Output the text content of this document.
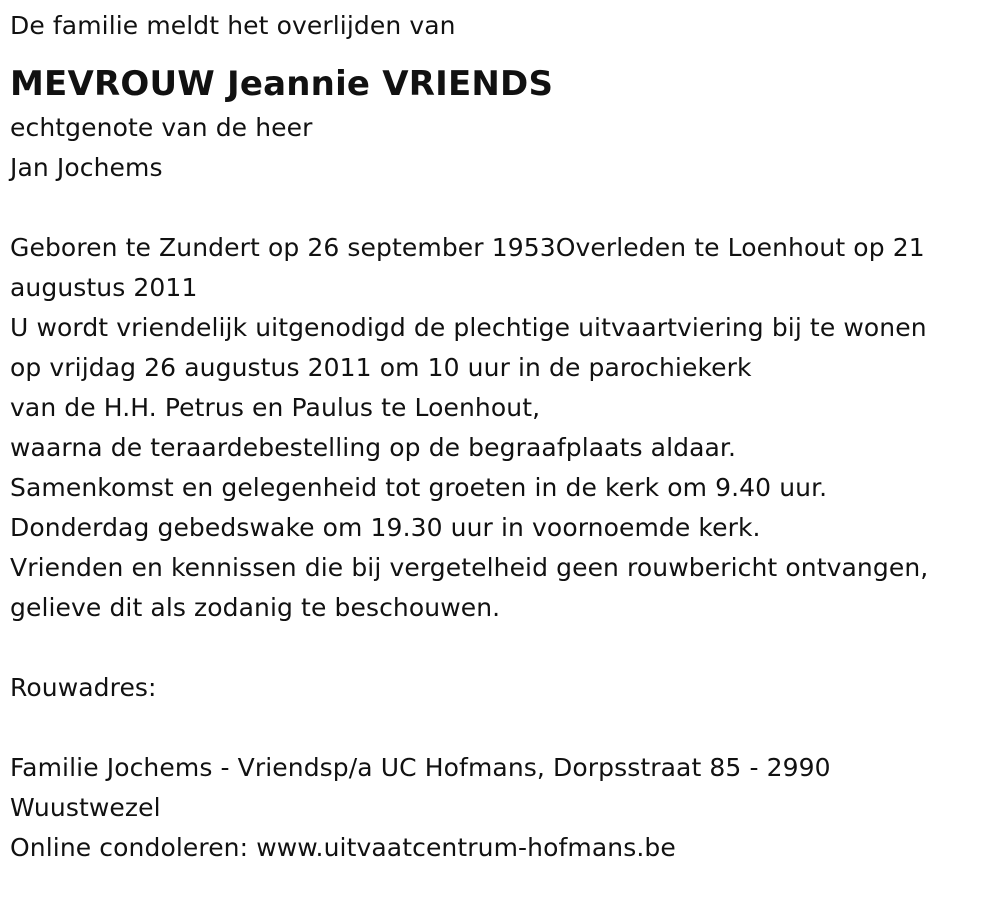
De familie meldt het overlijden van
MEVROUW Jeannie VRIENDS
echtgenote van de heer
Jan Jochems
Geboren te Zundert op 26 september 1953Overleden te Loenhout op 21
augustus 2011
U wordt vriendelijk uitgenodigd de plechtige uitvaartviering bij te wonen
op vrijdag 26 augustus 2011 om 10 uur in de parochiekerk
van de H.H. Petrus en Paulus te Loenhout,
waarna de teraardebestelling op de begraafplaats aldaar.
Samenkomst en gelegenheid tot groeten in de kerk om 9.40 uur.
Donderdag gebedswake om 19.30 uur in voornoemde kerk.
Vrienden en kennissen die bij vergetelheid geen rouwbericht ontvangen,
gelieve dit als zodanig te beschouwen.
Rouwadres:
Familie Jochems - Vriendsp/a UC Hofmans, Dorpsstraat 85 - 2990
Wuustwezel
Online condoleren: www.uitvaatcentrum-hofmans.be
